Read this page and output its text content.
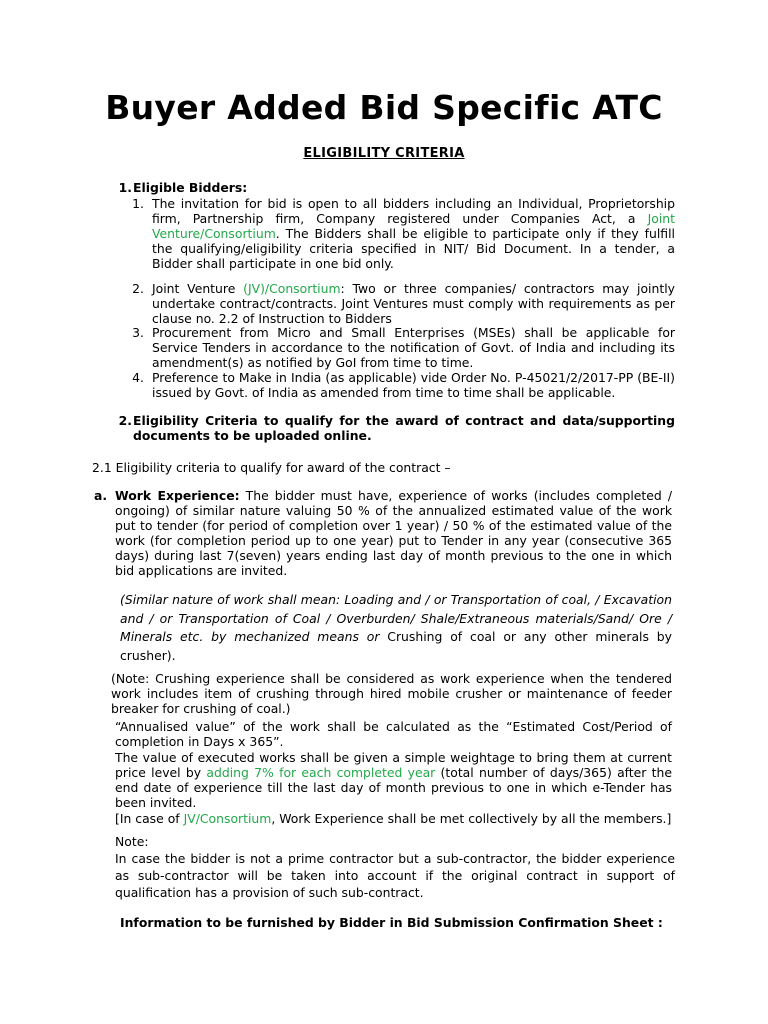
Buyer Added Bid Specific ATC
ELIGIBILITY CRITERIA
1. Eligible Bidders:
1. The invitation for bid is open to all bidders including an Individual, Proprietorship firm, Partnership firm, Company registered under Companies Act, a Joint Venture/Consortium. The Bidders shall be eligible to participate only if they fulfill the qualifying/eligibility criteria specified in NIT/ Bid Document. In a tender, a Bidder shall participate in one bid only.

2. Joint Venture (JV)/Consortium: Two or three companies/ contractors may jointly undertake contract/contracts. Joint Ventures must comply with requirements as per clause no. 2.2 of Instruction to Bidders

3. Procurement from Micro and Small Enterprises (MSEs) shall be applicable for Service Tenders in accordance to the notification of Govt. of India and including its amendment(s) as notified by GoI from time to time.

4. Preference to Make in India (as applicable) vide Order No. P-45021/2/2017-PP (BE-II) issued by Govt. of India as amended from time to time shall be applicable.

2. Eligibility Criteria to qualify for the award of contract and data/supporting documents to be uploaded online.

2.1 Eligibility criteria to qualify for award of the contract –

a. Work Experience: The bidder must have, experience of works (includes completed / ongoing) of similar nature valuing 50 % of the annualized estimated value of the work put to tender (for period of completion over 1 year) / 50 % of the estimated value of the work (for completion period up to one year) put to Tender in any year (consecutive 365 days) during last 7(seven) years ending last day of month previous to the one in which bid applications are invited.

(Similar nature of work shall mean: Loading and / or Transportation of coal, / Excavation and / or Transportation of Coal / Overburden/ Shale/Extraneous materials/Sand/ Ore / Minerals etc. by mechanized means or Crushing of coal or any other minerals by crusher).

(Note: Crushing experience shall be considered as work experience when the tendered work includes item of crushing through hired mobile crusher or maintenance of feeder breaker for crushing of coal.)

“Annualised value” of the work shall be calculated as the “Estimated Cost/Period of completion in Days x 365”.

The value of executed works shall be given a simple weightage to bring them at current price level by adding 7% for each completed year (total number of days/365) after the end date of experience till the last day of month previous to one in which e-Tender has been invited.

[In case of JV/Consortium, Work Experience shall be met collectively by all the members.]

Note:

In case the bidder is not a prime contractor but a sub-contractor, the bidder experience as sub-contractor will be taken into account if the original contract in support of qualification has a provision of such sub-contract.

Information to be furnished by Bidder in Bid Submission Confirmation Sheet :
